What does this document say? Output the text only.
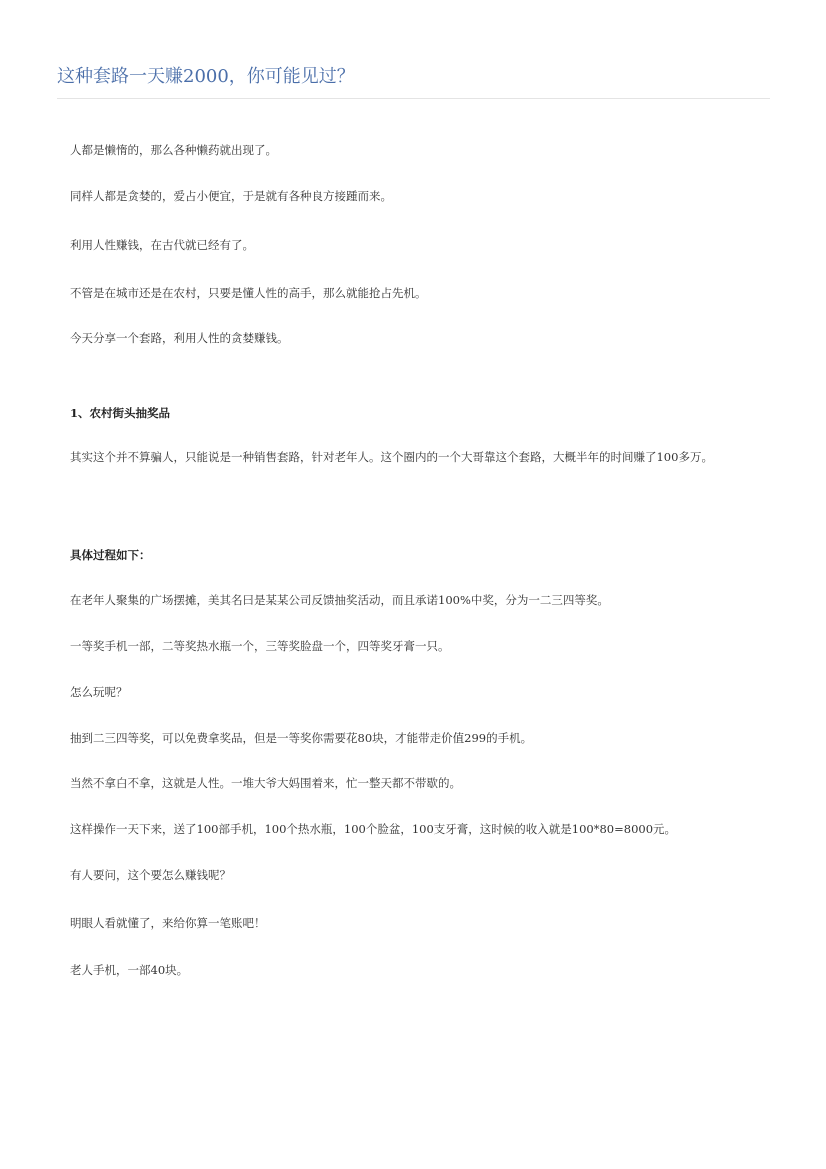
这种套路一天赚2000，你可能见过？
人都是懒惰的，那么各种懒药就出现了。
同样人都是贪婪的，爱占小便宜，于是就有各种良方接踵而来。
利用人性赚钱，在古代就已经有了。
不管是在城市还是在农村，只要是懂人性的高手，那么就能抢占先机。
今天分享一个套路，利用人性的贪婪赚钱。
1、农村街头抽奖品
其实这个并不算骗人，只能说是一种销售套路，针对老年人。这个圈内的一个大哥靠这个套路，大概半年的时间赚了100多万。
具体过程如下：
在老年人聚集的广场摆摊，美其名曰是某某公司反馈抽奖活动，而且承诺100%中奖，分为一二三四等奖。
一等奖手机一部，二等奖热水瓶一个，三等奖脸盘一个，四等奖牙膏一只。
怎么玩呢？
抽到二三四等奖，可以免费拿奖品，但是一等奖你需要花80块，才能带走价值299的手机。
当然不拿白不拿，这就是人性。一堆大爷大妈围着来，忙一整天都不带歇的。
这样操作一天下来，送了100部手机，100个热水瓶，100个脸盆，100支牙膏，这时候的收入就是100*80=8000元。
有人要问，这个要怎么赚钱呢？
明眼人看就懂了，来给你算一笔账吧！
老人手机，一部40块。
